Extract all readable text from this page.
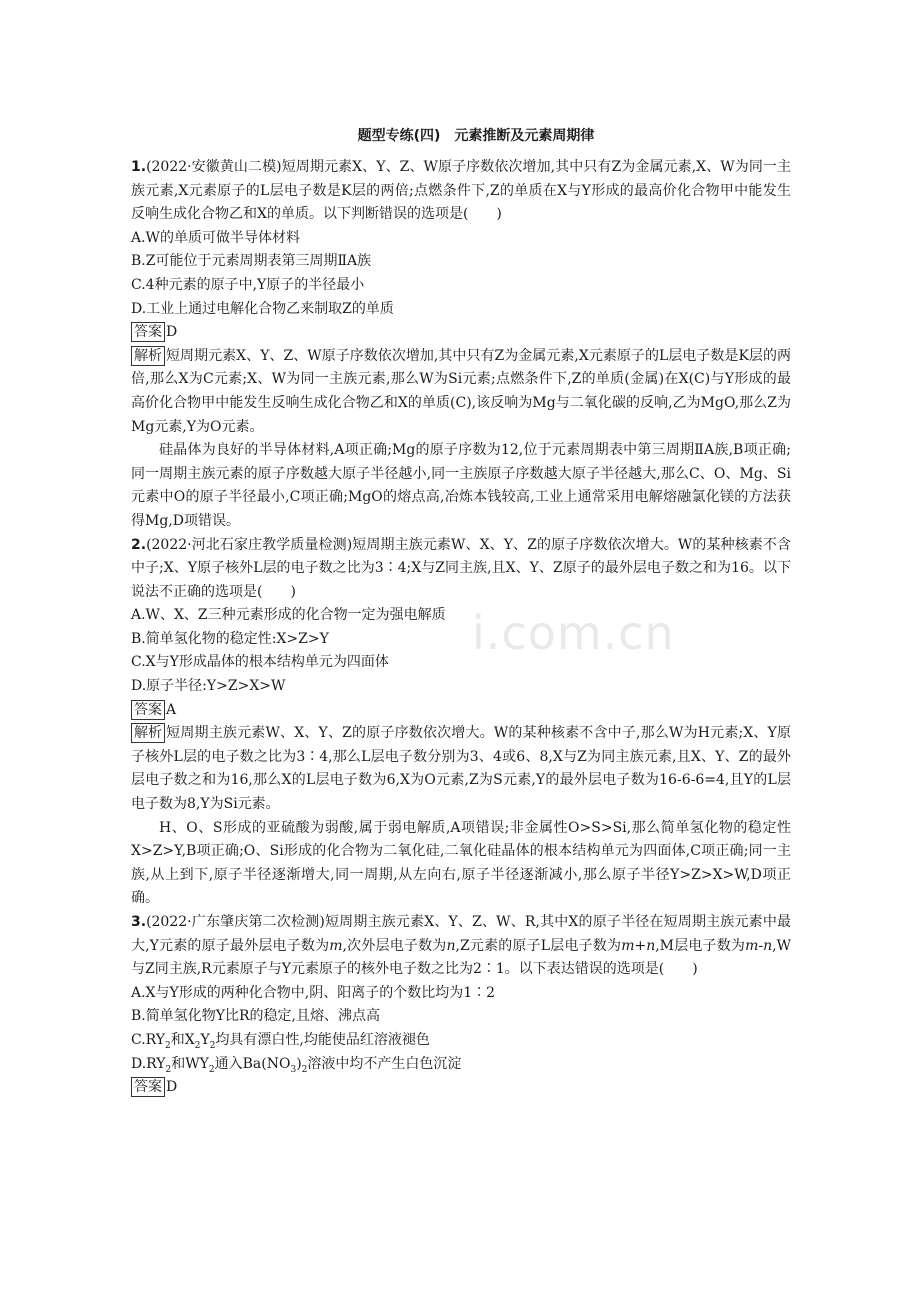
i.com.cn
题型专练(四)　元素推断及元素周期律

1.(2022·安徽黄山二模)短周期元素X、Y、Z、W原子序数依次增加,其中只有Z为金属元素,X、W为同一主族元素,X元素原子的L层电子数是K层的两倍;点燃条件下,Z的单质在X与Y形成的最高价化合物甲中能发生反响生成化合物乙和X的单质。以下判断错误的选项是(　　)

A.W的单质可做半导体材料
B.Z可能位于元素周期表第三周期ⅡA族
C.4种元素的原子中,Y原子的半径最小
D.工业上通过电解化合物乙来制取Z的单质
答案 D

解析 短周期元素X、Y、Z、W原子序数依次增加,其中只有Z为金属元素,X元素原子的L层电子数是K层的两倍,那么X为C元素;X、W为同一主族元素,那么W为Si元素;点燃条件下,Z的单质(金属)在X(C)与Y形成的最高价化合物甲中能发生反响生成化合物乙和X的单质(C),该反响为Mg与二氧化碳的反响,乙为MgO,那么Z为Mg元素,Y为O元素。

硅晶体为良好的半导体材料,A项正确;Mg的原子序数为12,位于元素周期表中第三周期ⅡA族,B项正确;同一周期主族元素的原子序数越大原子半径越小,同一主族原子序数越大原子半径越大,那么C、O、Mg、Si元素中O的原子半径最小,C项正确;MgO的熔点高,冶炼本钱较高,工业上通常采用电解熔融氯化镁的方法获得Mg,D项错误。

2.(2022·河北石家庄教学质量检测)短周期主族元素W、X、Y、Z的原子序数依次增大。W的某种核素不含中子;X、Y原子核外L层的电子数之比为3∶4;X与Z同主族,且X、Y、Z原子的最外层电子数之和为16。以下说法不正确的选项是(　　)

A.W、X、Z三种元素形成的化合物一定为强电解质
B.简单氢化物的稳定性:X>Z>Y
C.X与Y形成晶体的根本结构单元为四面体
D.原子半径:Y>Z>X>W
答案 A

解析 短周期主族元素W、X、Y、Z的原子序数依次增大。W的某种核素不含中子,那么W为H元素;X、Y原子核外L层的电子数之比为3∶4,那么L层电子数分别为3、4或6、8,X与Z为同主族元素,且X、Y、Z的最外层电子数之和为16,那么X的L层电子数为6,X为O元素,Z为S元素,Y的最外层电子数为16-6-6=4,且Y的L层电子数为8,Y为Si元素。

H、O、S形成的亚硫酸为弱酸,属于弱电解质,A项错误;非金属性O>S>Si,那么简单氢化物的稳定性X>Z>Y,B项正确;O、Si形成的化合物为二氧化硅,二氧化硅晶体的根本结构单元为四面体,C项正确;同一主族,从上到下,原子半径逐渐增大,同一周期,从左向右,原子半径逐渐减小,那么原子半径Y>Z>X>W,D项正确。

3.(2022·广东肇庆第二次检测)短周期主族元素X、Y、Z、W、R,其中X的原子半径在短周期主族元素中最大,Y元素的原子最外层电子数为m,次外层电子数为n,Z元素的原子L层电子数为m+n,M层电子数为m-n,W与Z同主族,R元素原子与Y元素原子的核外电子数之比为2∶1。以下表达错误的选项是(　　)

A.X与Y形成的两种化合物中,阴、阳离子的个数比均为1∶2
B.简单氢化物Y比R的稳定,且熔、沸点高
$C.RY_2$和$X_2Y_2$均具有漂白性,均能使品红溶液褪色
$D.RY_2$和$WY_2$通入$Ba(NO_3)_2$溶液中均不产生白色沉淀
答案 D
